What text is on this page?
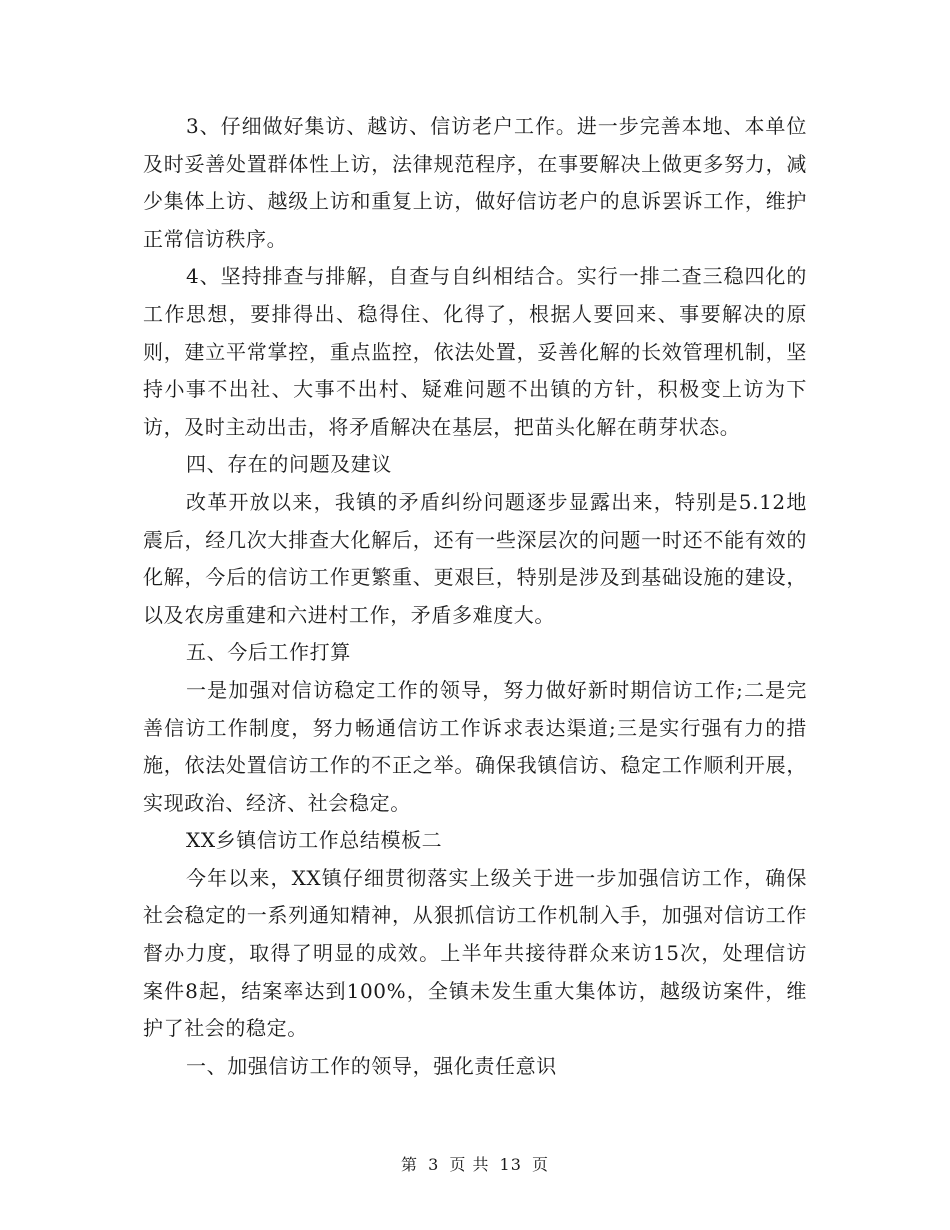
3、仔细做好集访、越访、信访老户工作。进一步完善本地、本单位及时妥善处置群体性上访，法律规范程序，在事要解决上做更多努力，减少集体上访、越级上访和重复上访，做好信访老户的息诉罢诉工作，维护正常信访秩序。

4、坚持排查与排解，自查与自纠相结合。实行一排二查三稳四化的工作思想，要排得出、稳得住、化得了，根据人要回来、事要解决的原则，建立平常掌控，重点监控，依法处置，妥善化解的长效管理机制，坚持小事不出社、大事不出村、疑难问题不出镇的方针，积极变上访为下访，及时主动出击，将矛盾解决在基层，把苗头化解在萌芽状态。

四、存在的问题及建议

改革开放以来，我镇的矛盾纠纷问题逐步显露出来，特别是5.12地震后，经几次大排查大化解后，还有一些深层次的问题一时还不能有效的化解，今后的信访工作更繁重、更艰巨，特别是涉及到基础设施的建设，以及农房重建和六进村工作，矛盾多难度大。

五、今后工作打算

一是加强对信访稳定工作的领导，努力做好新时期信访工作;二是完善信访工作制度，努力畅通信访工作诉求表达渠道;三是实行强有力的措施，依法处置信访工作的不正之举。确保我镇信访、稳定工作顺利开展，实现政治、经济、社会稳定。

XX乡镇信访工作总结模板二

今年以来，XX镇仔细贯彻落实上级关于进一步加强信访工作，确保社会稳定的一系列通知精神，从狠抓信访工作机制入手，加强对信访工作督办力度，取得了明显的成效。上半年共接待群众来访15次，处理信访案件8起，结案率达到100%，全镇未发生重大集体访，越级访案件，维护了社会的稳定。

一、加强信访工作的领导，强化责任意识

第 3 页 共 13 页
